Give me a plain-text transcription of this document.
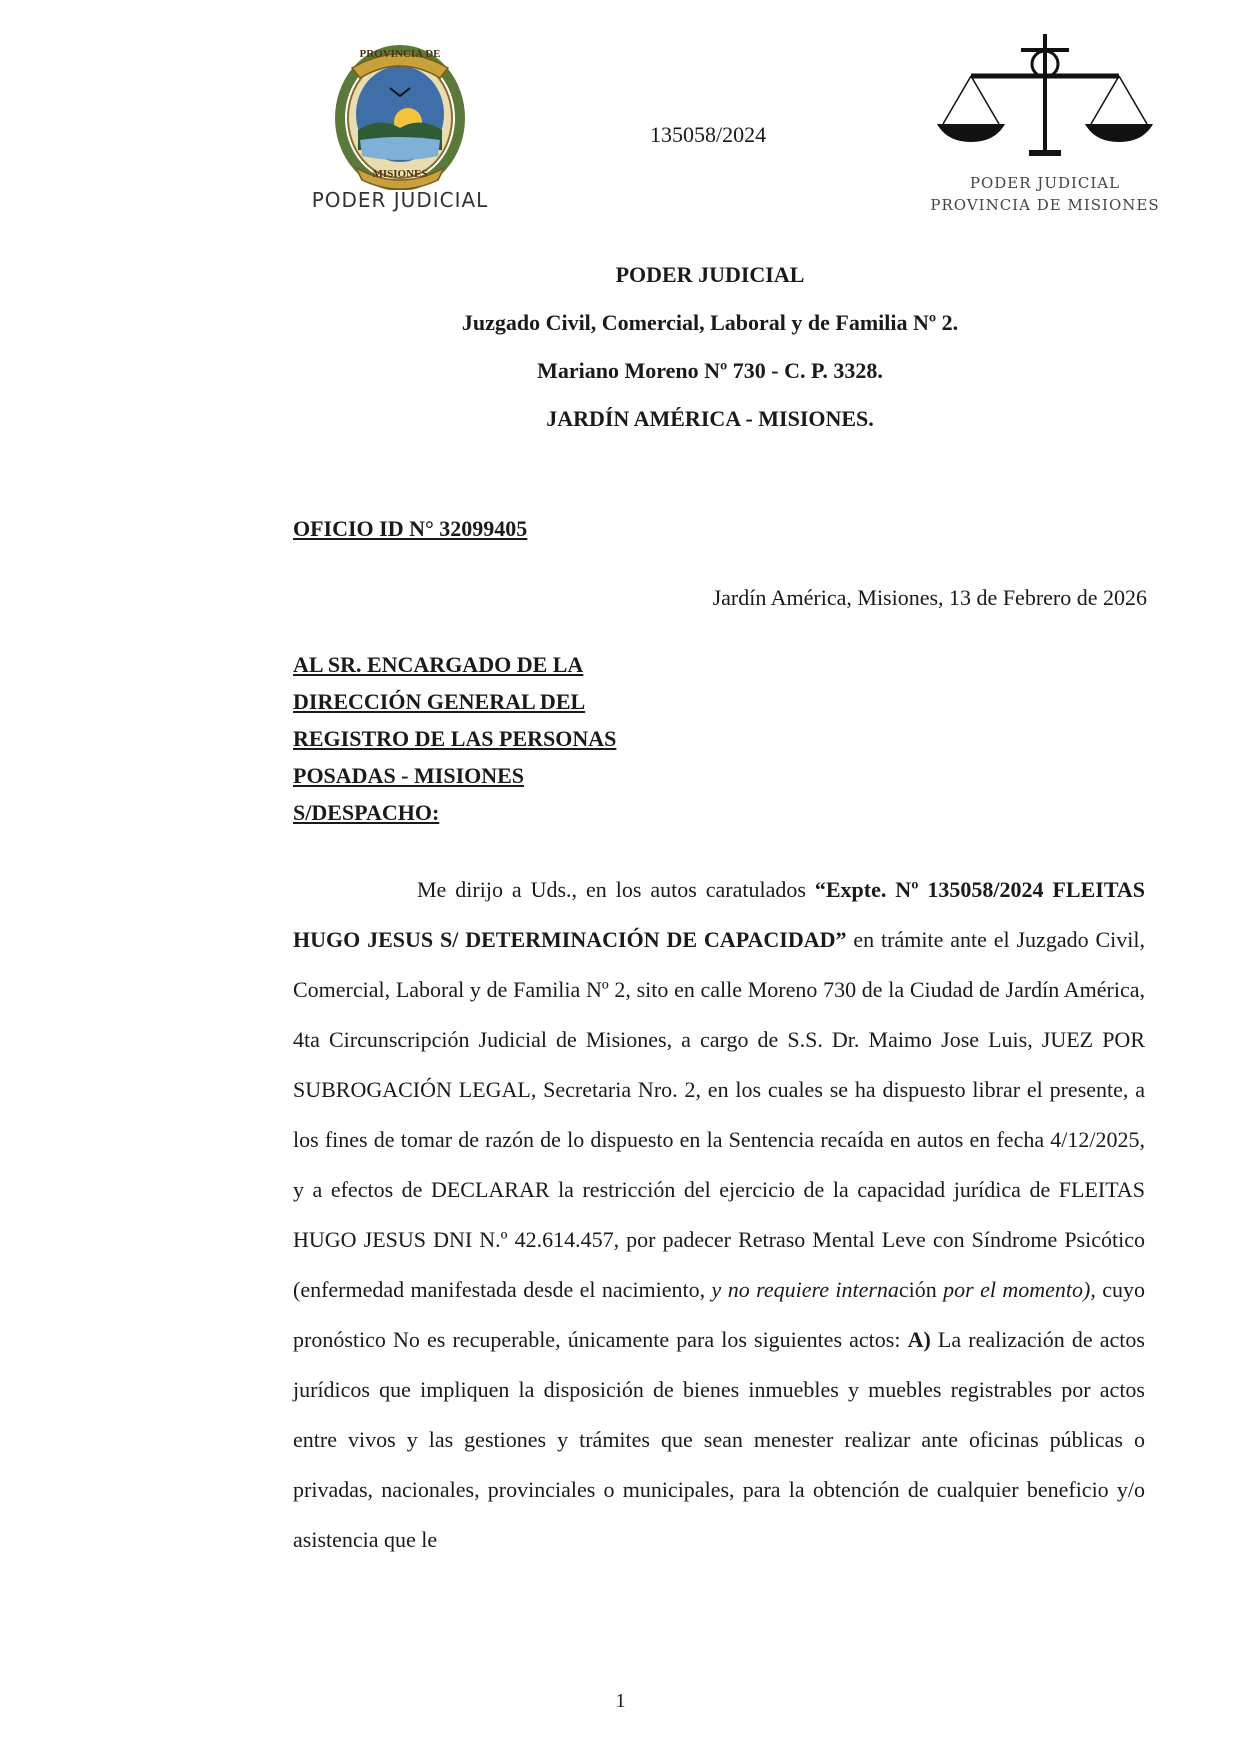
PODER JUDICIAL
PROVINCIA DE
MISIONES
135058/2024
PODER JUDICIAL
PROVINCIA DE MISIONES
PODER JUDICIAL
Juzgado Civil, Comercial, Laboral y de Familia Nº 2.
Mariano Moreno Nº 730 - C. P. 3328.
JARDÍN AMÉRICA - MISIONES.
OFICIO ID N° 32099405
Jardín América, Misiones, 13 de Febrero de 2026
AL SR. ENCARGADO DE LA
DIRECCIÓN GENERAL DEL
REGISTRO DE LAS PERSONAS
POSADAS - MISIONES
S/DESPACHO:
Me dirijo a Uds., en los autos caratulados “Expte. Nº 135058/2024 FLEITAS HUGO JESUS S/ DETERMINACIÓN DE CAPACIDAD” en trámite ante el Juzgado Civil, Comercial, Laboral y de Familia Nº 2, sito en calle Moreno 730 de la Ciudad de Jardín América, 4ta Circunscripción Judicial de Misiones, a cargo de S.S. Dr. Maimo Jose Luis, JUEZ POR SUBROGACIÓN LEGAL, Secretaria Nro. 2, en los cuales se ha dispuesto librar el presente, a los fines de tomar de razón de lo dispuesto en la Sentencia recaída en autos en fecha 4/12/2025, y a efectos de DECLARAR la restricción del ejercicio de la capacidad jurídica de FLEITAS HUGO JESUS DNI N.º 42.614.457, por padecer Retraso Mental Leve con Síndrome Psicótico (enfermedad manifestada desde el nacimiento, y no requiere internación por el momento), cuyo pronóstico No es recuperable, únicamente para los siguientes actos: A) La realización de actos jurídicos que impliquen la disposición de bienes inmuebles y muebles registrables por actos entre vivos y las gestiones y trámites que sean menester realizar ante oficinas públicas o privadas, nacionales, provinciales o municipales, para la obtención de cualquier beneficio y/o asistencia que le
1
